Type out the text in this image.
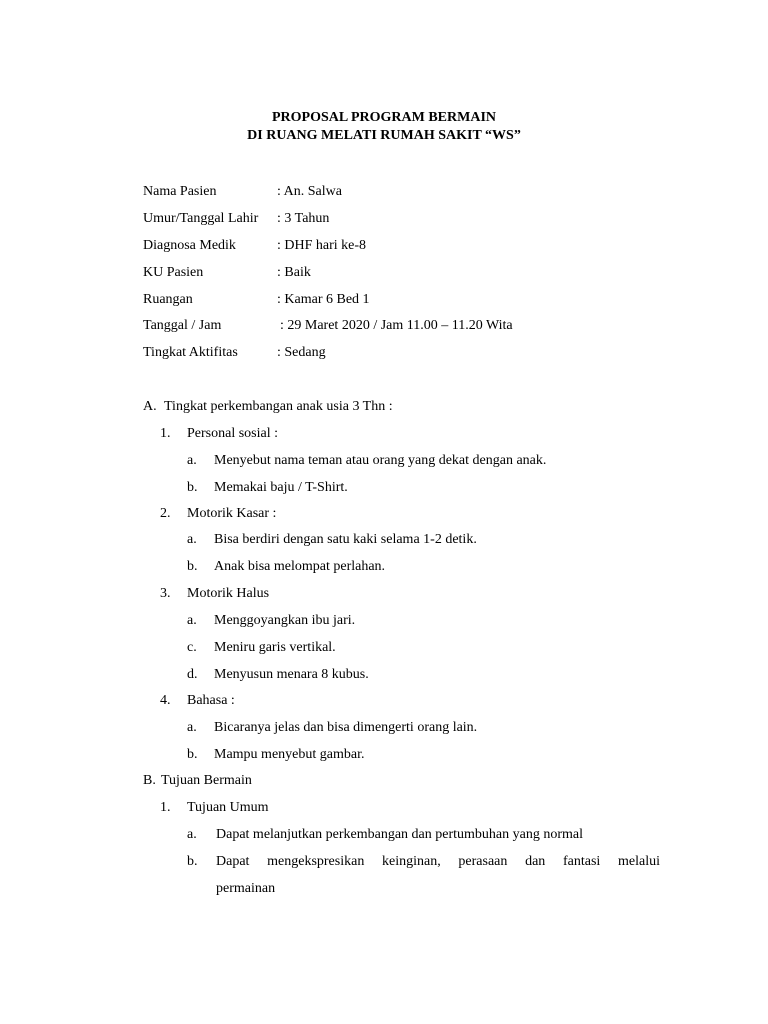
PROPOSAL PROGRAM BERMAIN
DI RUANG MELATI RUMAH SAKIT “WS”
Nama Pasien	: An. Salwa
Umur/Tanggal Lahir : 3 Tahun
Diagnosa Medik	: DHF hari ke-8
KU Pasien	: Baik
Ruangan	: Kamar 6 Bed 1
Tanggal / Jam	: 29 Maret 2020 / Jam 11.00 – 11.20 Wita
Tingkat Aktifitas	: Sedang
A. Tingkat perkembangan anak usia 3 Thn :
1. Personal sosial :
a. Menyebut nama teman atau orang yang dekat dengan anak.
b. Memakai baju / T-Shirt.
2. Motorik Kasar :
a. Bisa berdiri dengan satu kaki selama 1-2 detik.
b. Anak bisa melompat perlahan.
3. Motorik Halus
a. Menggoyangkan ibu jari.
c. Meniru garis vertikal.
d. Menyusun menara 8 kubus.
4. Bahasa :
a. Bicaranya jelas dan bisa dimengerti orang lain.
b. Mampu menyebut gambar.
B. Tujuan Bermain
1. Tujuan Umum
a. Dapat melanjutkan perkembangan dan pertumbuhan yang normal
b. Dapat mengekspresikan keinginan, perasaan dan fantasi melalui
permainan
